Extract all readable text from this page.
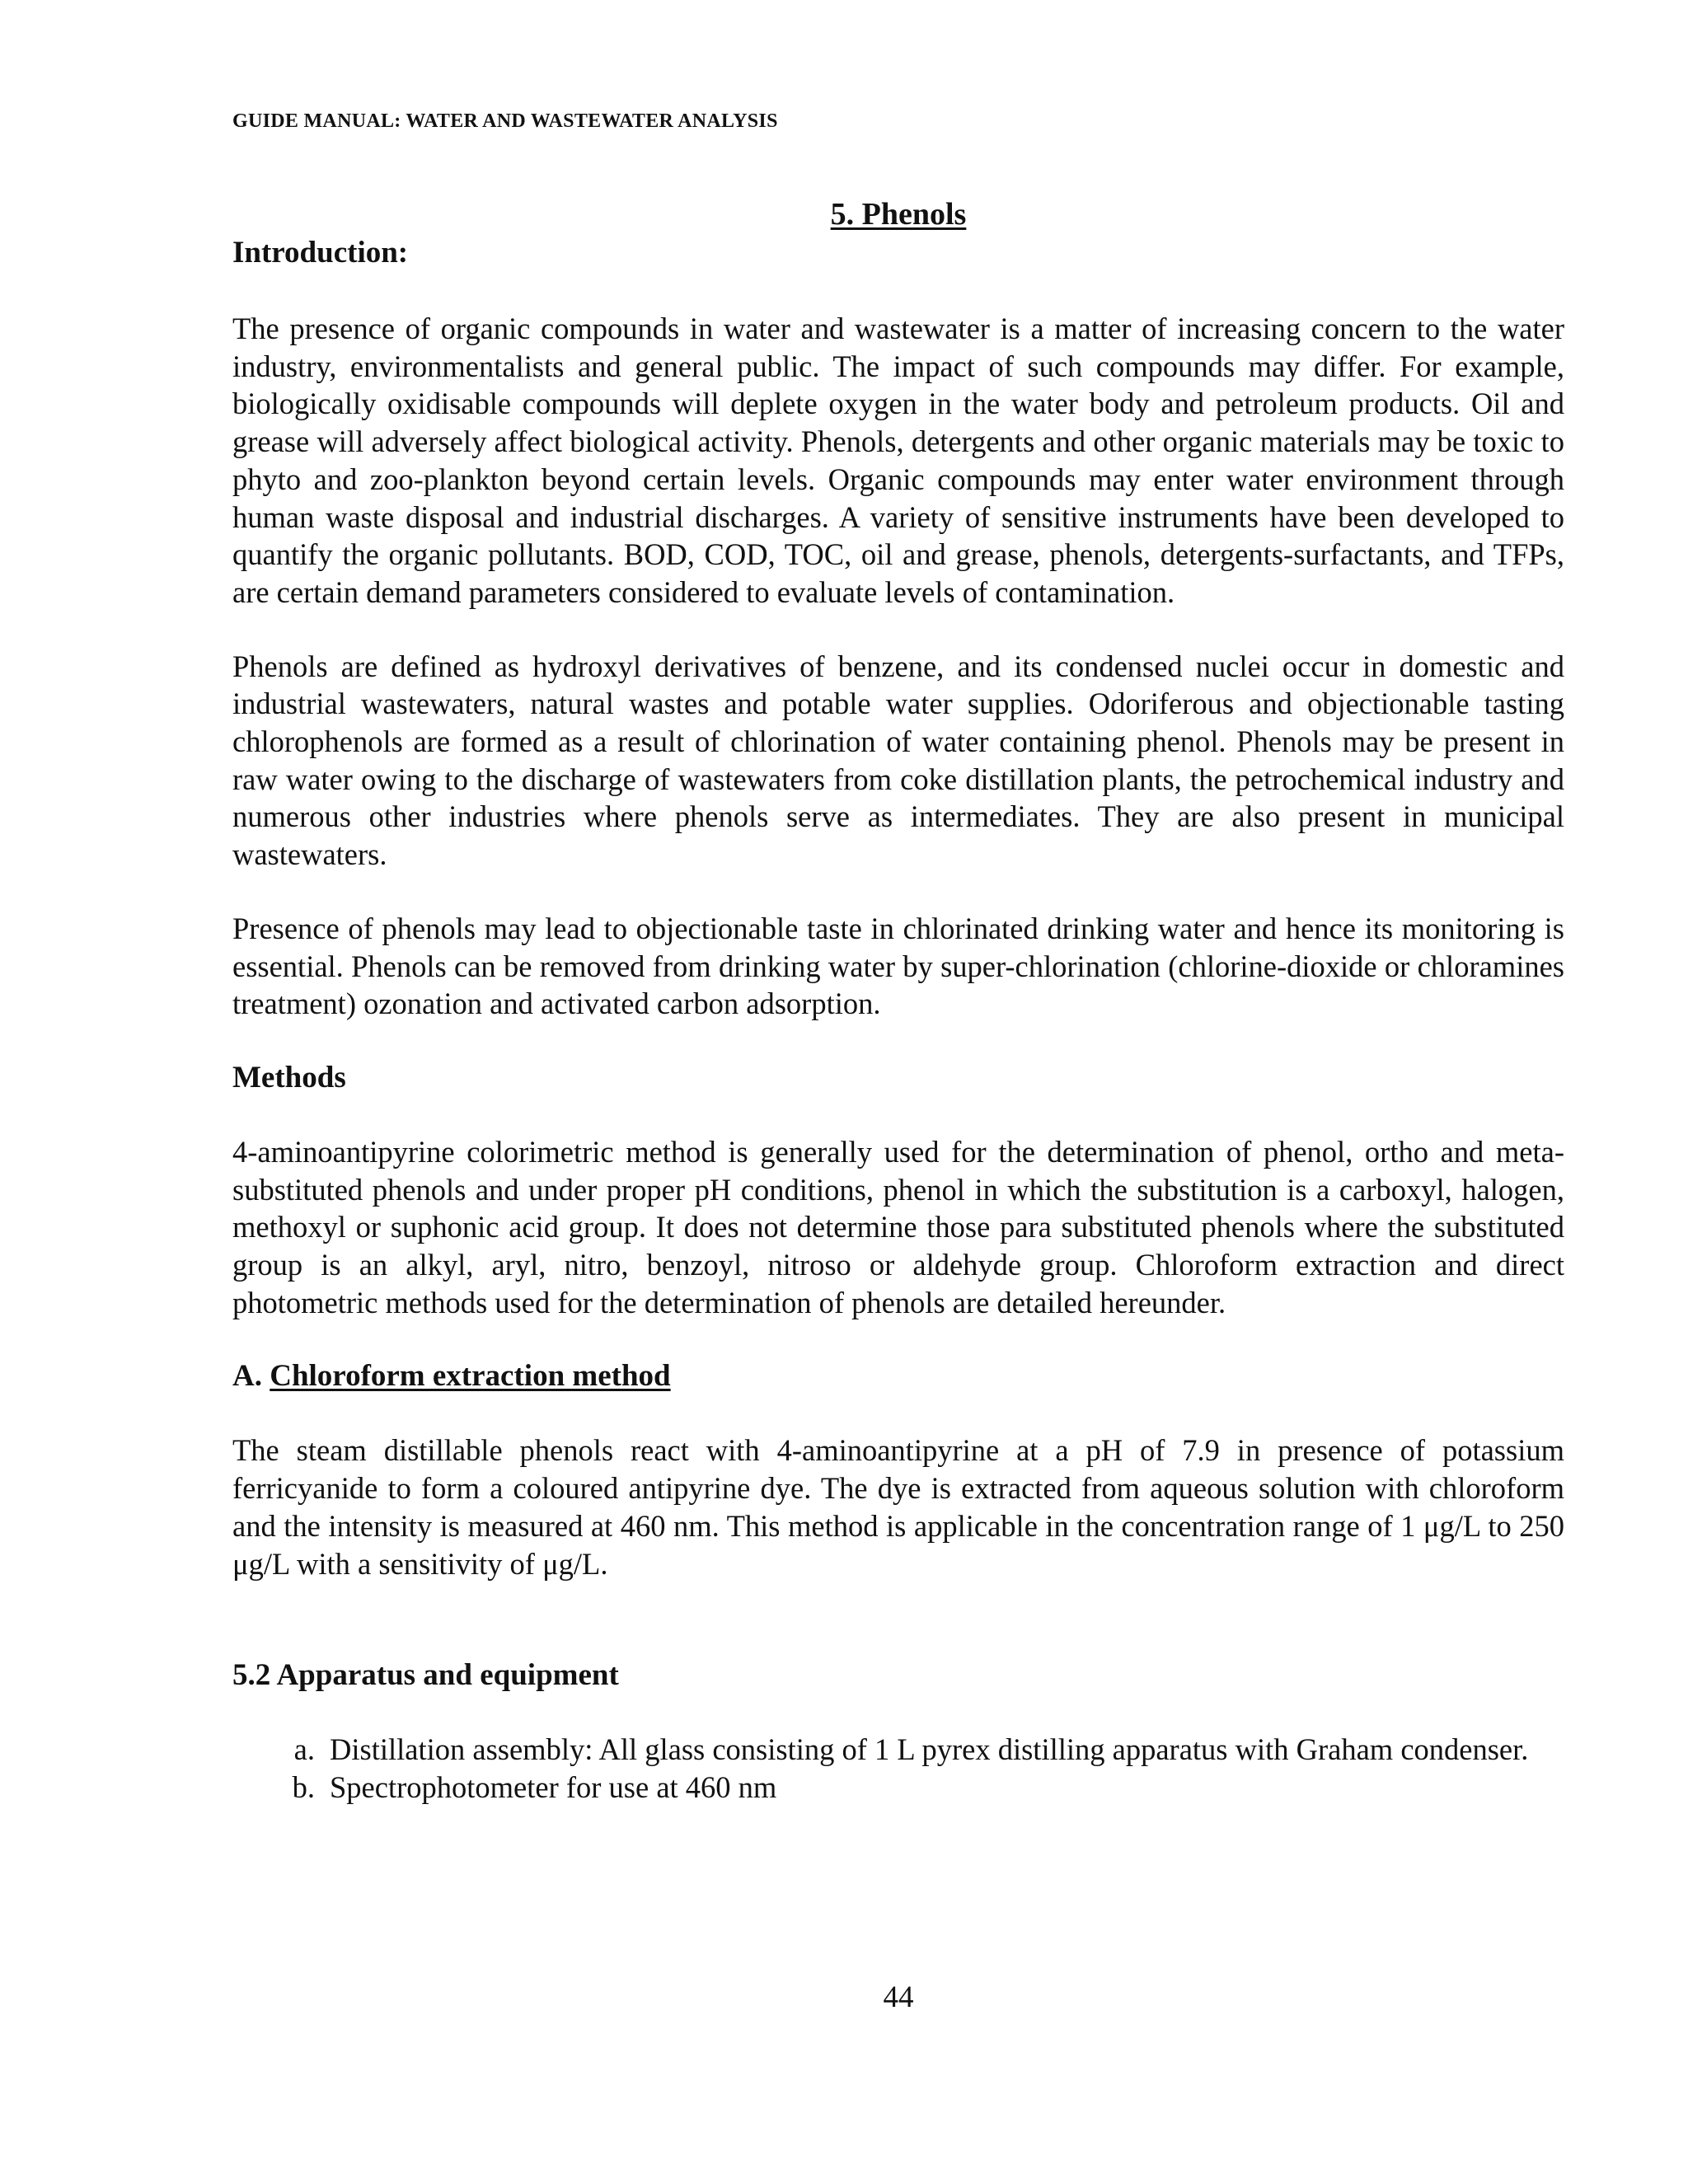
GUIDE MANUAL: WATER AND WASTEWATER ANALYSIS
5. Phenols

Introduction:

The presence of organic compounds in water and wastewater is a matter of increasing concern to the water industry, environmentalists and general public. The impact of such compounds may differ. For example, biologically oxidisable compounds will deplete oxygen in the water body and petroleum products. Oil and grease will adversely affect biological activity. Phenols, detergents and other organic materials may be toxic to phyto and zoo-plankton beyond certain levels. Organic compounds may enter water environment through human waste disposal and industrial discharges. A variety of sensitive instruments have been developed to quantify the organic pollutants. BOD, COD, TOC, oil and grease, phenols, detergents-surfactants, and TFPs, are certain demand parameters considered to evaluate levels of contamination.

Phenols are defined as hydroxyl derivatives of benzene, and its condensed nuclei occur in domestic and industrial wastewaters, natural wastes and potable water supplies. Odoriferous and objectionable tasting chlorophenols are formed as a result of chlorination of water containing phenol. Phenols may be present in raw water owing to the discharge of wastewaters from coke distillation plants, the petrochemical industry and numerous other industries where phenols serve as intermediates. They are also present in municipal wastewaters.

Presence of phenols may lead to objectionable taste in chlorinated drinking water and hence its monitoring is essential. Phenols can be removed from drinking water by super-chlorination (chlorine-dioxide or chloramines treatment) ozonation and activated carbon adsorption.

Methods

4-aminoantipyrine colorimetric method is generally used for the determination of phenol, ortho and meta-substituted phenols and under proper pH conditions, phenol in which the substitution is a carboxyl, halogen, methoxyl or suphonic acid group. It does not determine those para substituted phenols where the substituted group is an alkyl, aryl, nitro, benzoyl, nitroso or aldehyde group. Chloroform extraction and direct photometric methods used for the determination of phenols are detailed hereunder.

A. Chloroform extraction method

The steam distillable phenols react with 4-aminoantipyrine at a pH of 7.9 in presence of potassium ferricyanide to form a coloured antipyrine dye. The dye is extracted from aqueous solution with chloroform and the intensity is measured at 460 nm. This method is applicable in the concentration range of 1 μg/L to 250 μg/L with a sensitivity of μg/L.

5.2 Apparatus and equipment

a. Distillation assembly: All glass consisting of 1 L pyrex distilling apparatus with Graham condenser.
b. Spectrophotometer for use at 460 nm
44
